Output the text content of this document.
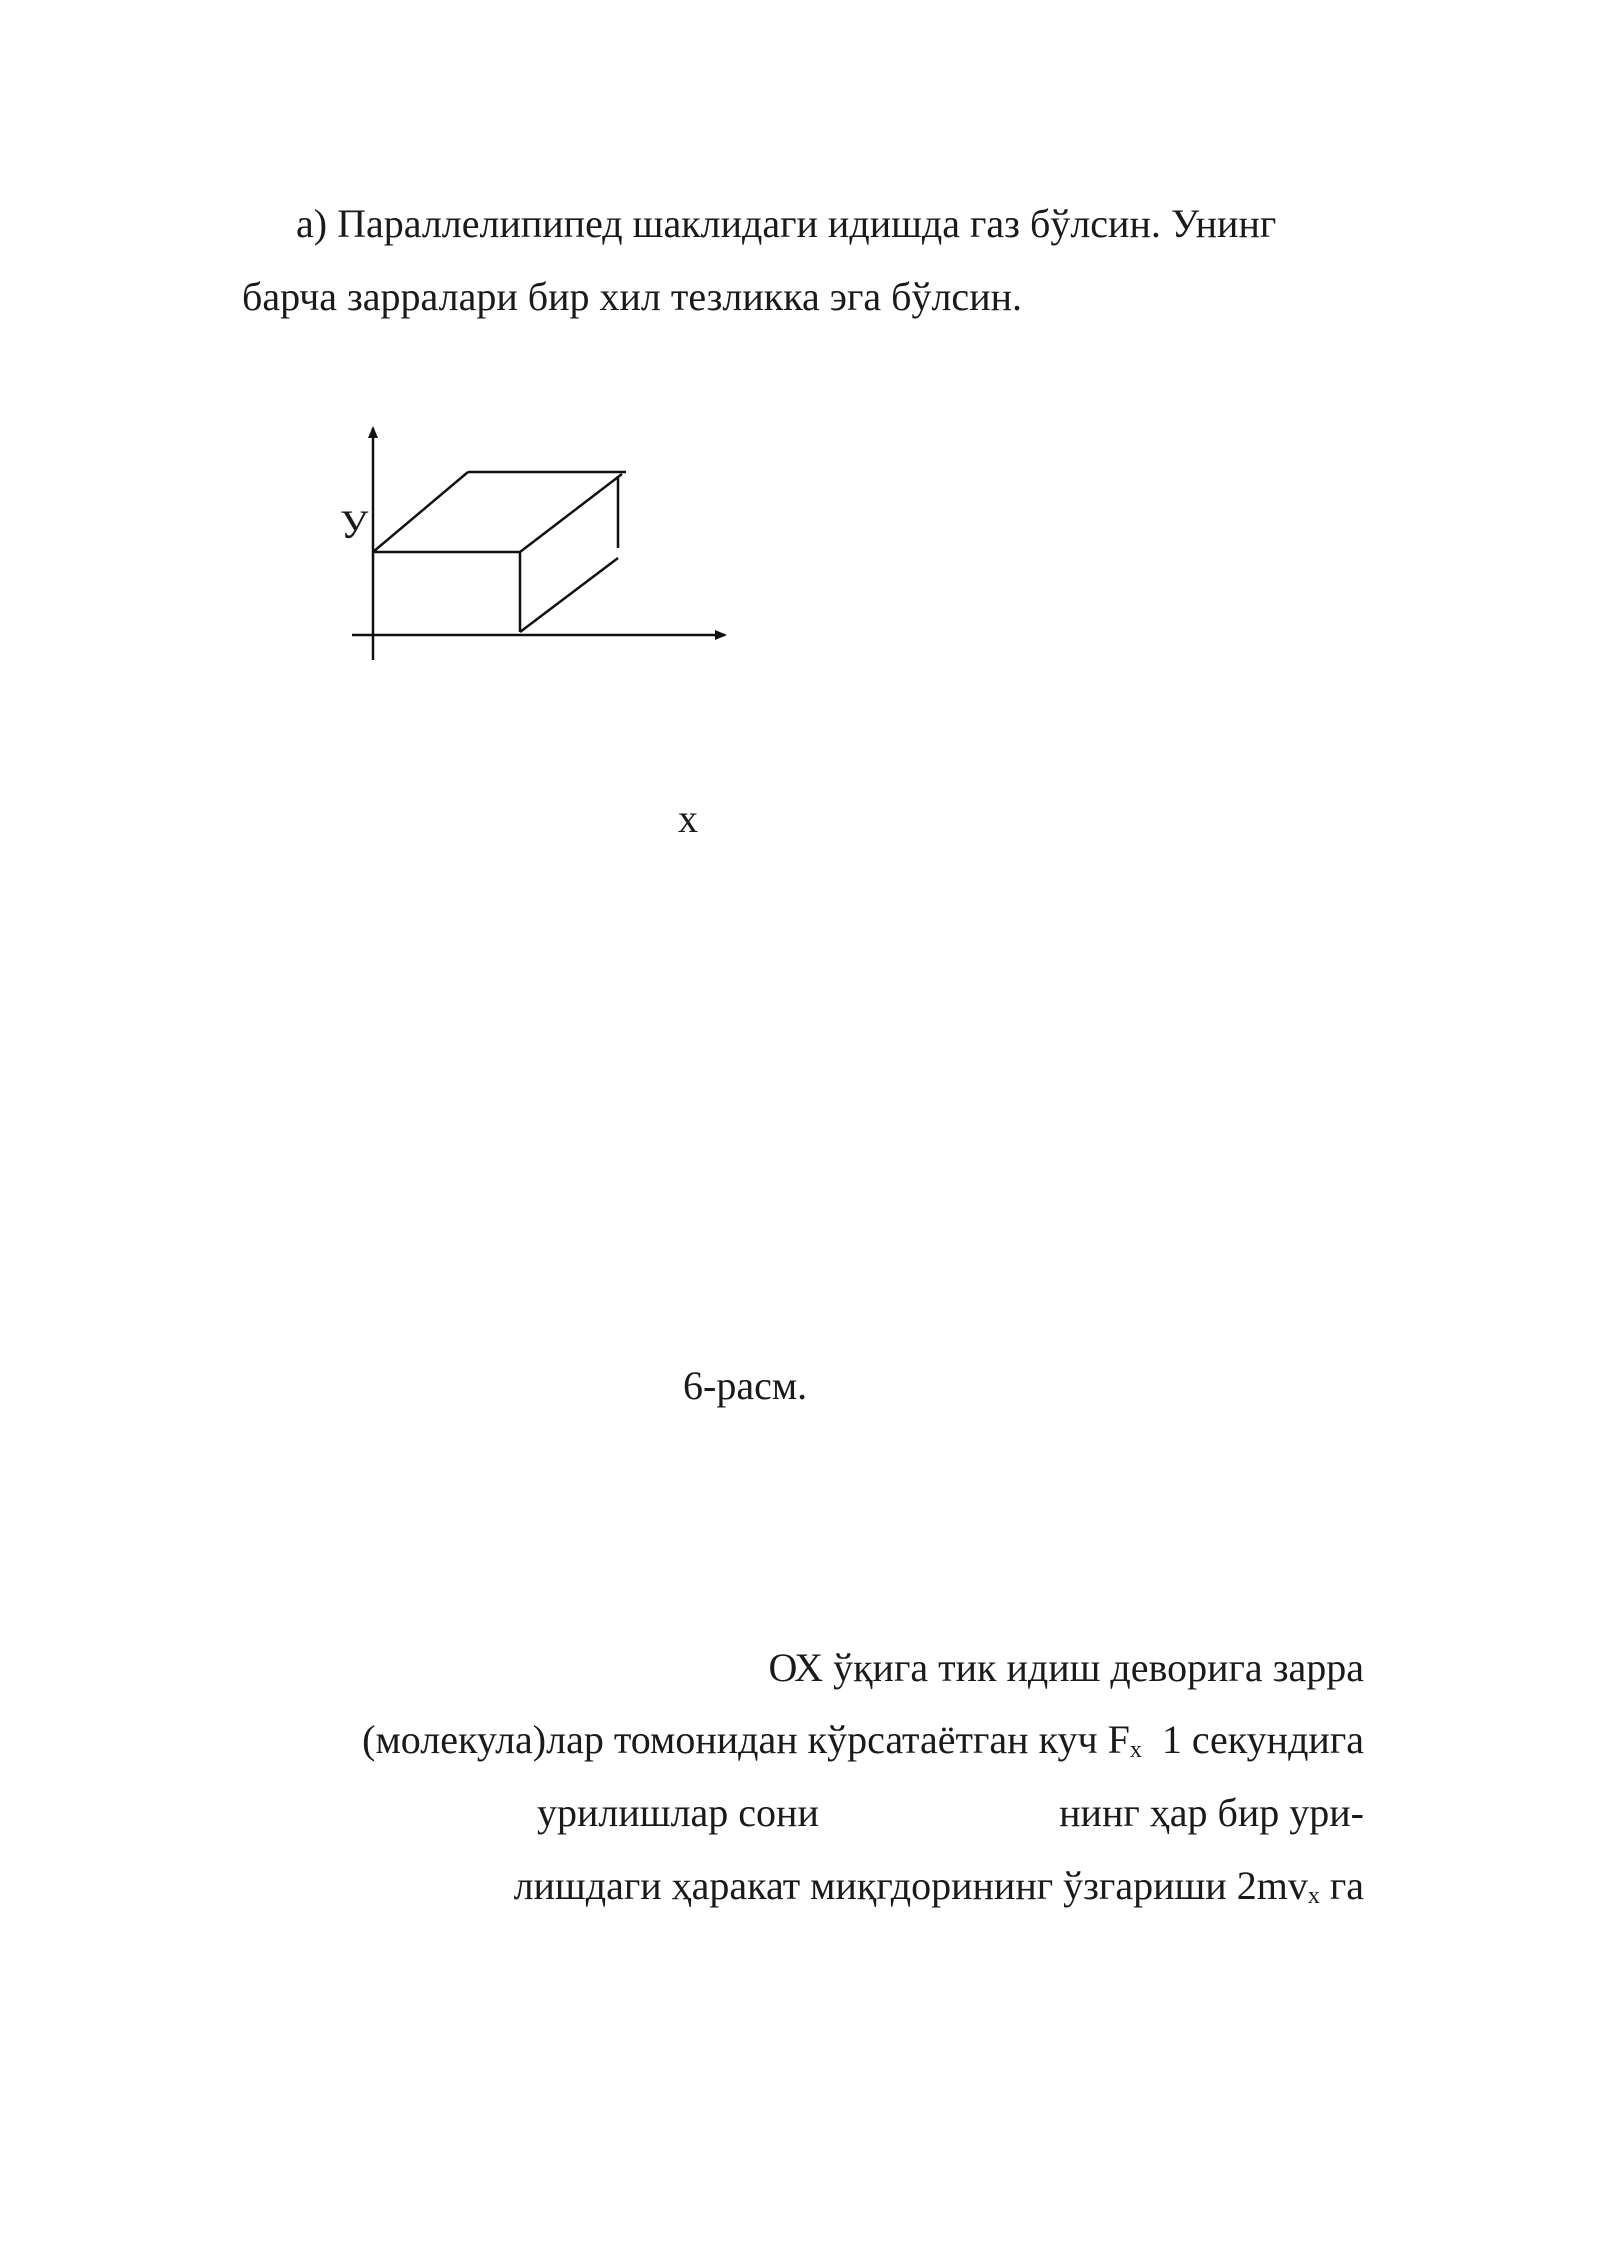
а) Параллелипипед шаклидаги идишда газ бўлсин. Унинг
барча зарралари бир хил тезликка эга бўлсин.
У
х
6-расм.
ОХ ўқига тик идиш деворига зарра
(молекула)лар томонидан кўрсатаётган куч $F_x$  1 секундига
урилишлар сони	нинг ҳар бир ури-
лишдаги ҳаракат миқгдорининг ўзгариши $2mv_x$ га
